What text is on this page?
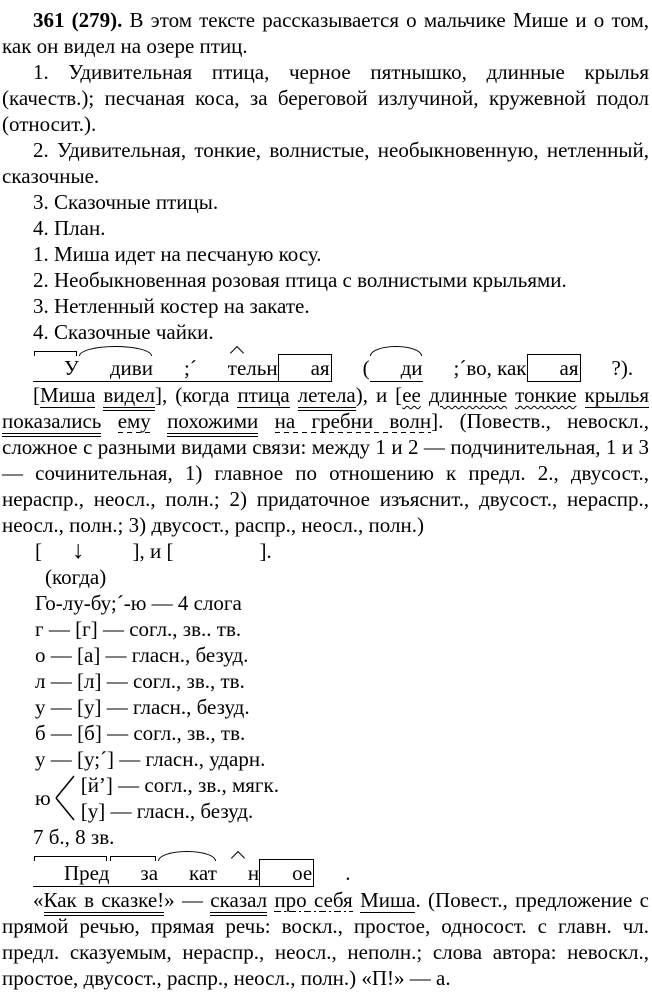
361 (279). В этом тексте рассказывается о мальчике Мише и о том, как он видел на озере птиц.

1. Удивительная птица, черное пятнышко, длинные крылья (качеств.); песчаная коса, за береговой излучиной, кружевной подол (относит.).

2. Удивительная, тонкие, волнистые, необыкновенную, нетленный, сказочные.

3. Сказочные птицы.

4. План.

1. Миша идет на песчаную косу.

2. Необыкновенная розовая птица с волнистыми крыльями.

3. Нетленный костер на закате.

4. Сказочные чайки.

У диви ;´ тельн ая( ди ;´во, как ая ?).

[Миша видел], (когда птица летела), и [ее длинные тонкие крылья показались ему похожими на гребни волн]. (Повеств., невоскл., сложное с разными видами связи: между 1 и 2 — подчинительная, 1 и 3 — сочинительная, 1) главное по отношению к предл. 2., двусост., нераспр., неосл., полн.; 2) придаточное изъяснит., двусост., нераспр., неосл., полн.; 3) двусост., распр., неосл., полн.)

[ ↓ ], и [	].
(когда)
Го-лу-бу;´-ю — 4 слога
г — [г] — согл., зв.. тв.
о — [а] — гласн., безуд.
л — [л] — согл., зв., тв.
у — [у] — гласн., безуд.
б — [б] — согл., зв., тв.
у — [у;´] — гласн., ударн.
ю
[й’] — согл., зв., мягк.
[у] — гласн., безуд.

7 б., 8 зв.

Пред за кат н ое .

«Как в сказке!» — сказал про себя Миша. (Повест., предложение с прямой речью, прямая речь: воскл., простое, односост. с главн. чл. предл. сказуемым, нераспр., неосл., неполн.; слова автора: невоскл., простое, двусост., распр., неосл., полн.) «П!» — а.
